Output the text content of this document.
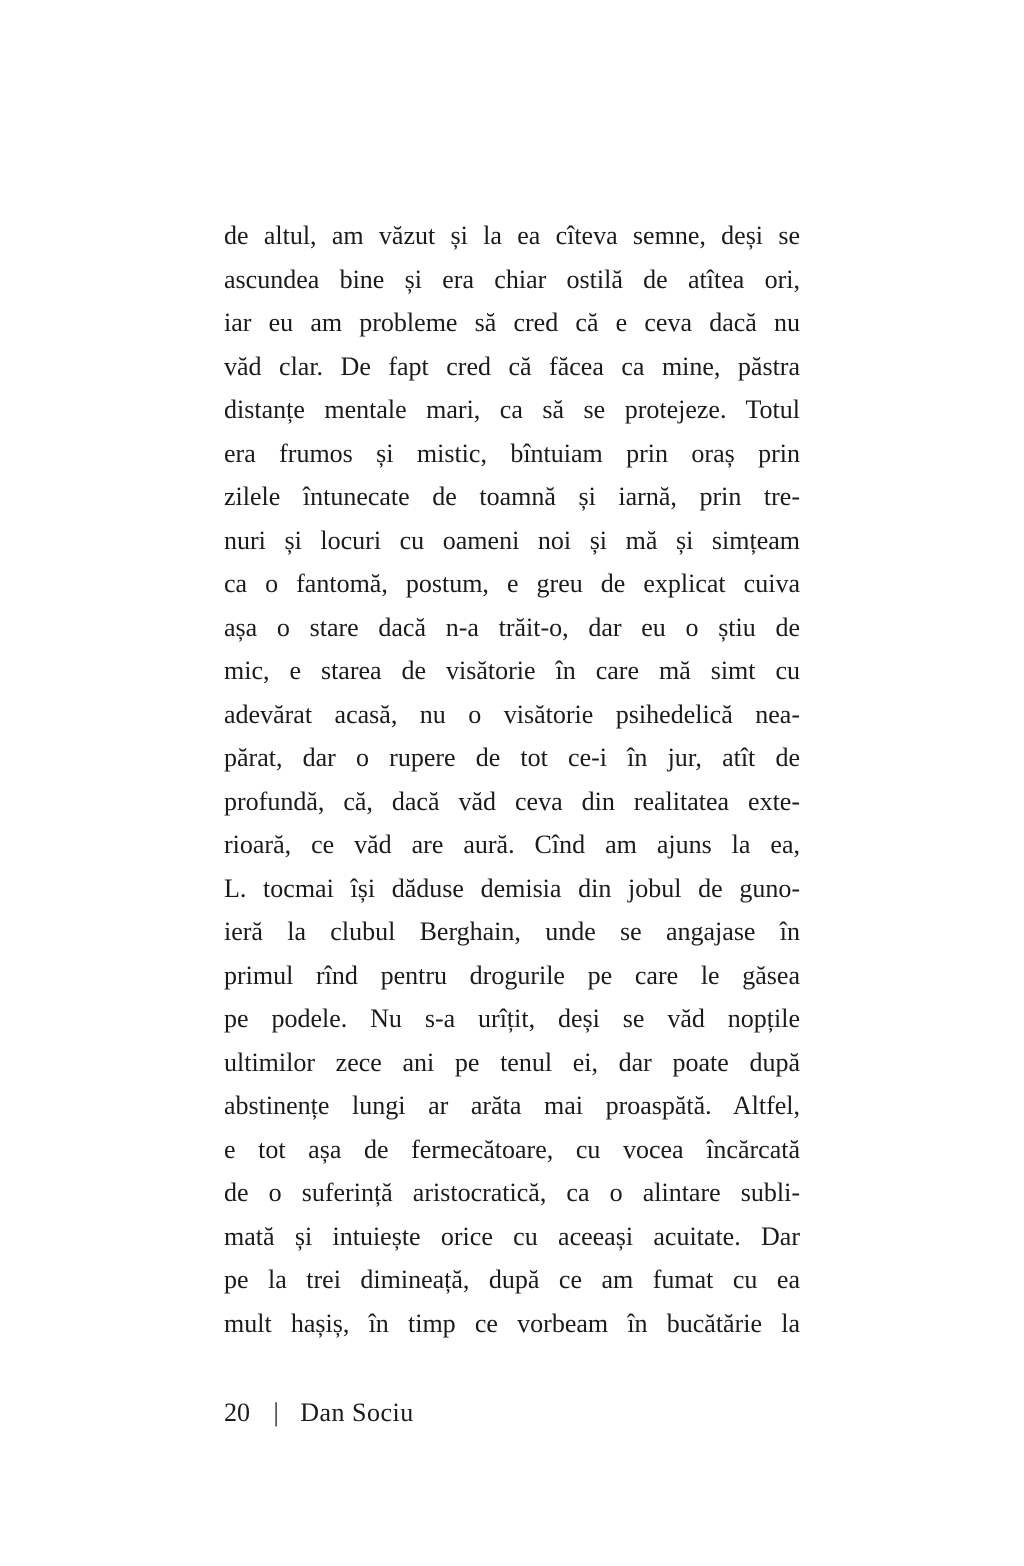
de altul, am văzut și la ea cîteva semne, deși se
ascundea bine și era chiar ostilă de atîtea ori,
iar eu am probleme să cred că e ceva dacă nu
văd clar. De fapt cred că făcea ca mine, păstra
distanțe mentale mari, ca să se protejeze. Totul
era frumos și mistic, bîntuiam prin oraș prin
zilele întunecate de toamnă și iarnă, prin tre-
nuri și locuri cu oameni noi și mă și simțeam
ca o fantomă, postum, e greu de explicat cuiva
așa o stare dacă n-a trăit-o, dar eu o știu de
mic, e starea de visătorie în care mă simt cu
adevărat acasă, nu o visătorie psihedelică nea-
părat, dar o rupere de tot ce-i în jur, atît de
profundă, că, dacă văd ceva din realitatea exte-
rioară, ce văd are aură. Cînd am ajuns la ea,
L. tocmai își dăduse demisia din jobul de guno-
ieră la clubul Berghain, unde se angajase în
primul rînd pentru drogurile pe care le găsea
pe podele. Nu s-a urîțit, deși se văd nopțile
ultimilor zece ani pe tenul ei, dar poate după
abstinențe lungi ar arăta mai proaspătă. Altfel,
e tot așa de fermecătoare, cu vocea încărcată
de o suferință aristocratică, ca o alintare subli-
mată și intuiește orice cu aceeași acuitate. Dar
pe la trei dimineață, după ce am fumat cu ea
mult hașiș, în timp ce vorbeam în bucătărie la
20 | Dan Sociu
